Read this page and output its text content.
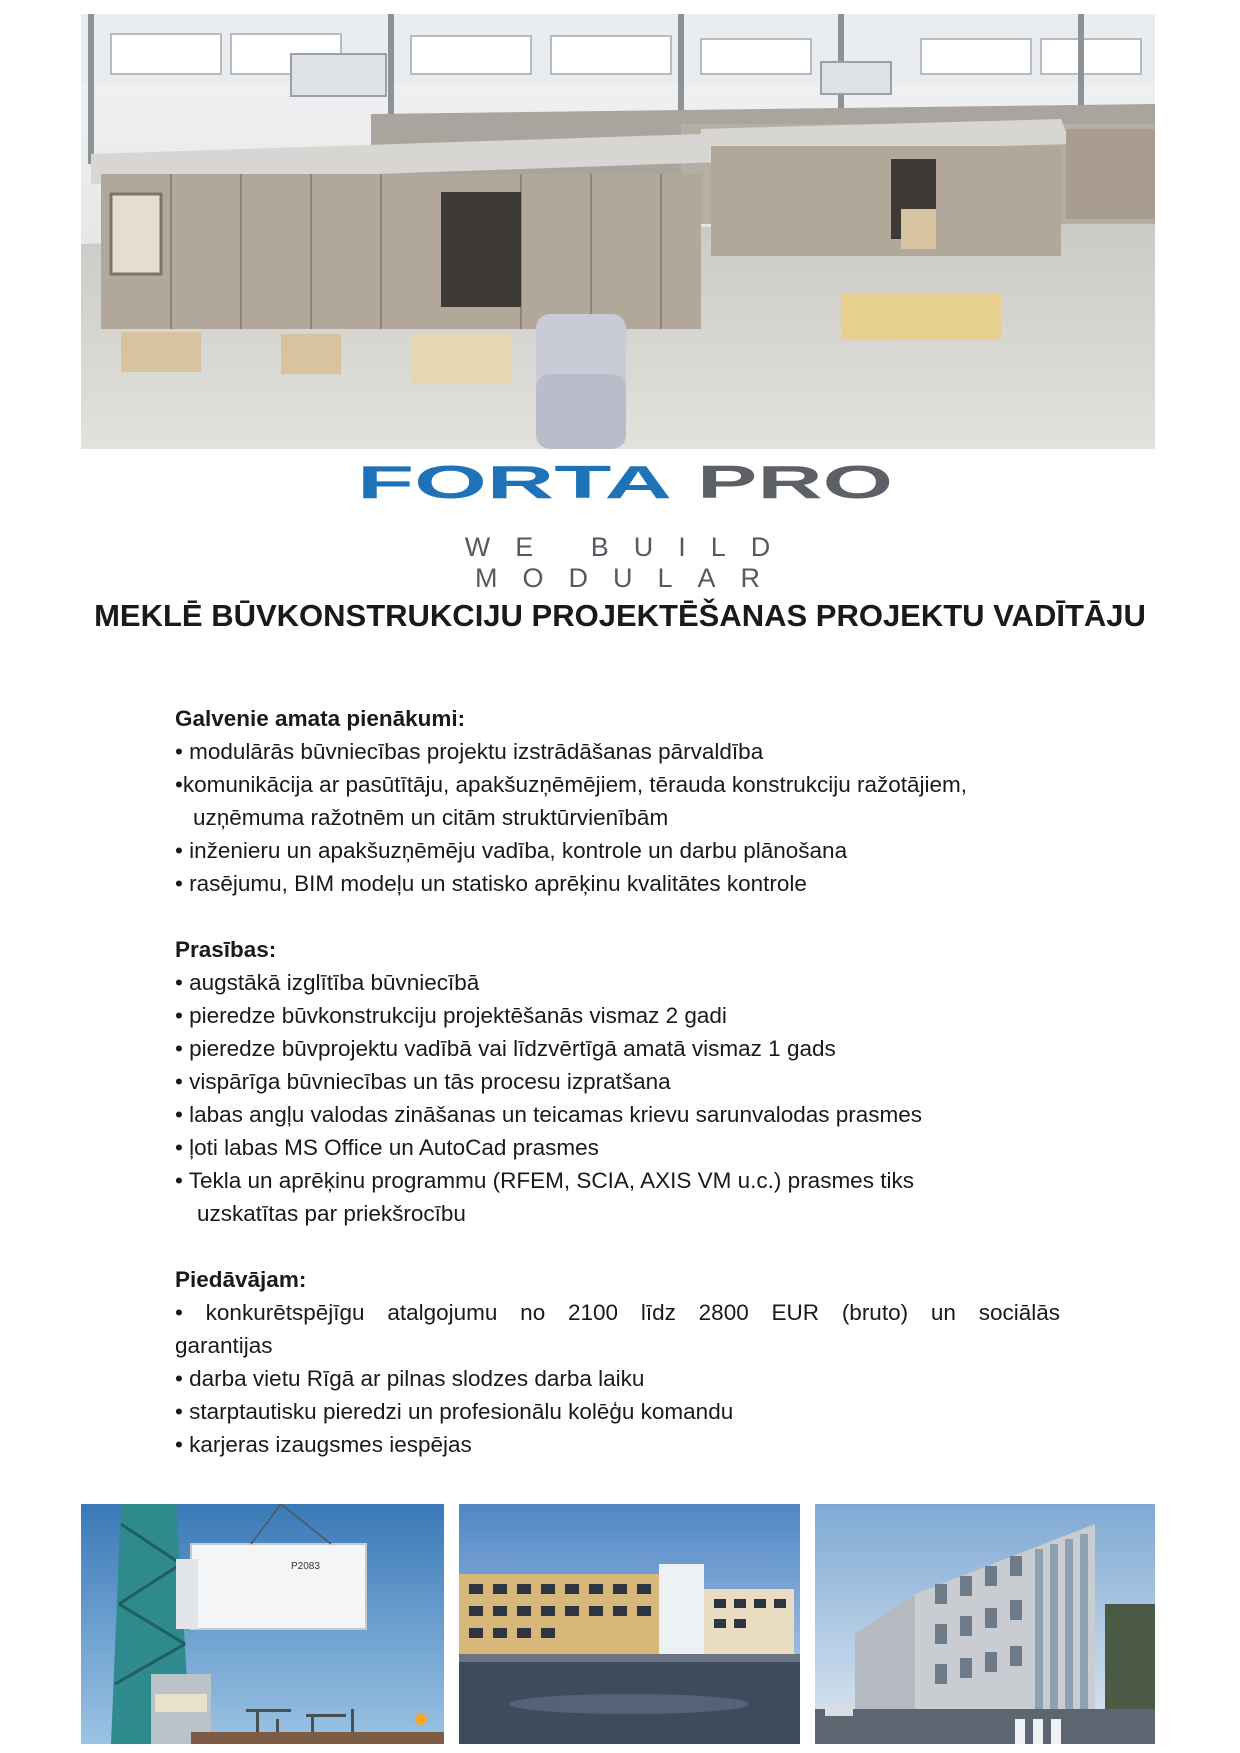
FORTA PRO
WE BUILD MODULAR
MEKLĒ BŪVKONSTRUKCIJU PROJEKTĒŠANAS PROJEKTU VADĪTĀJU

Galvenie amata pienākumi:

• modulārās būvniecības projektu izstrādāšanas pārvaldība

•komunikācija ar pasūtītāju, apakšuzņēmējiem, tērauda konstrukciju ražotājiem, uzņēmuma ražotnēm un citām struktūrvienībām

• inženieru un apakšuzņēmēju vadība, kontrole un darbu plānošana

• rasējumu, BIM modeļu un statisko aprēķinu kvalitātes kontrole

Prasības:

• augstākā izglītība būvniecībā

• pieredze būvkonstrukciju projektēšanās vismaz 2 gadi

• pieredze būvprojektu vadībā vai līdzvērtīgā amatā vismaz 1 gads

• vispārīga būvniecības un tās procesu izpratšana

• labas angļu valodas zināšanas un teicamas krievu sarunvalodas prasmes

• ļoti labas MS Office un AutoCad prasmes

• Tekla un aprēķinu programmu (RFEM, SCIA, AXIS VM u.c.) prasmes tiks uzskatītas par priekšrocību

Piedāvājam:

• konkurētspējīgu atalgojumu no 2100 līdz 2800 EUR (bruto) un sociālās garantijas

• darba vietu Rīgā ar pilnas slodzes darba laiku

• starptautisku pieredzi un profesionālu kolēģu komandu

• karjeras izaugsmes iespējas

P2083
